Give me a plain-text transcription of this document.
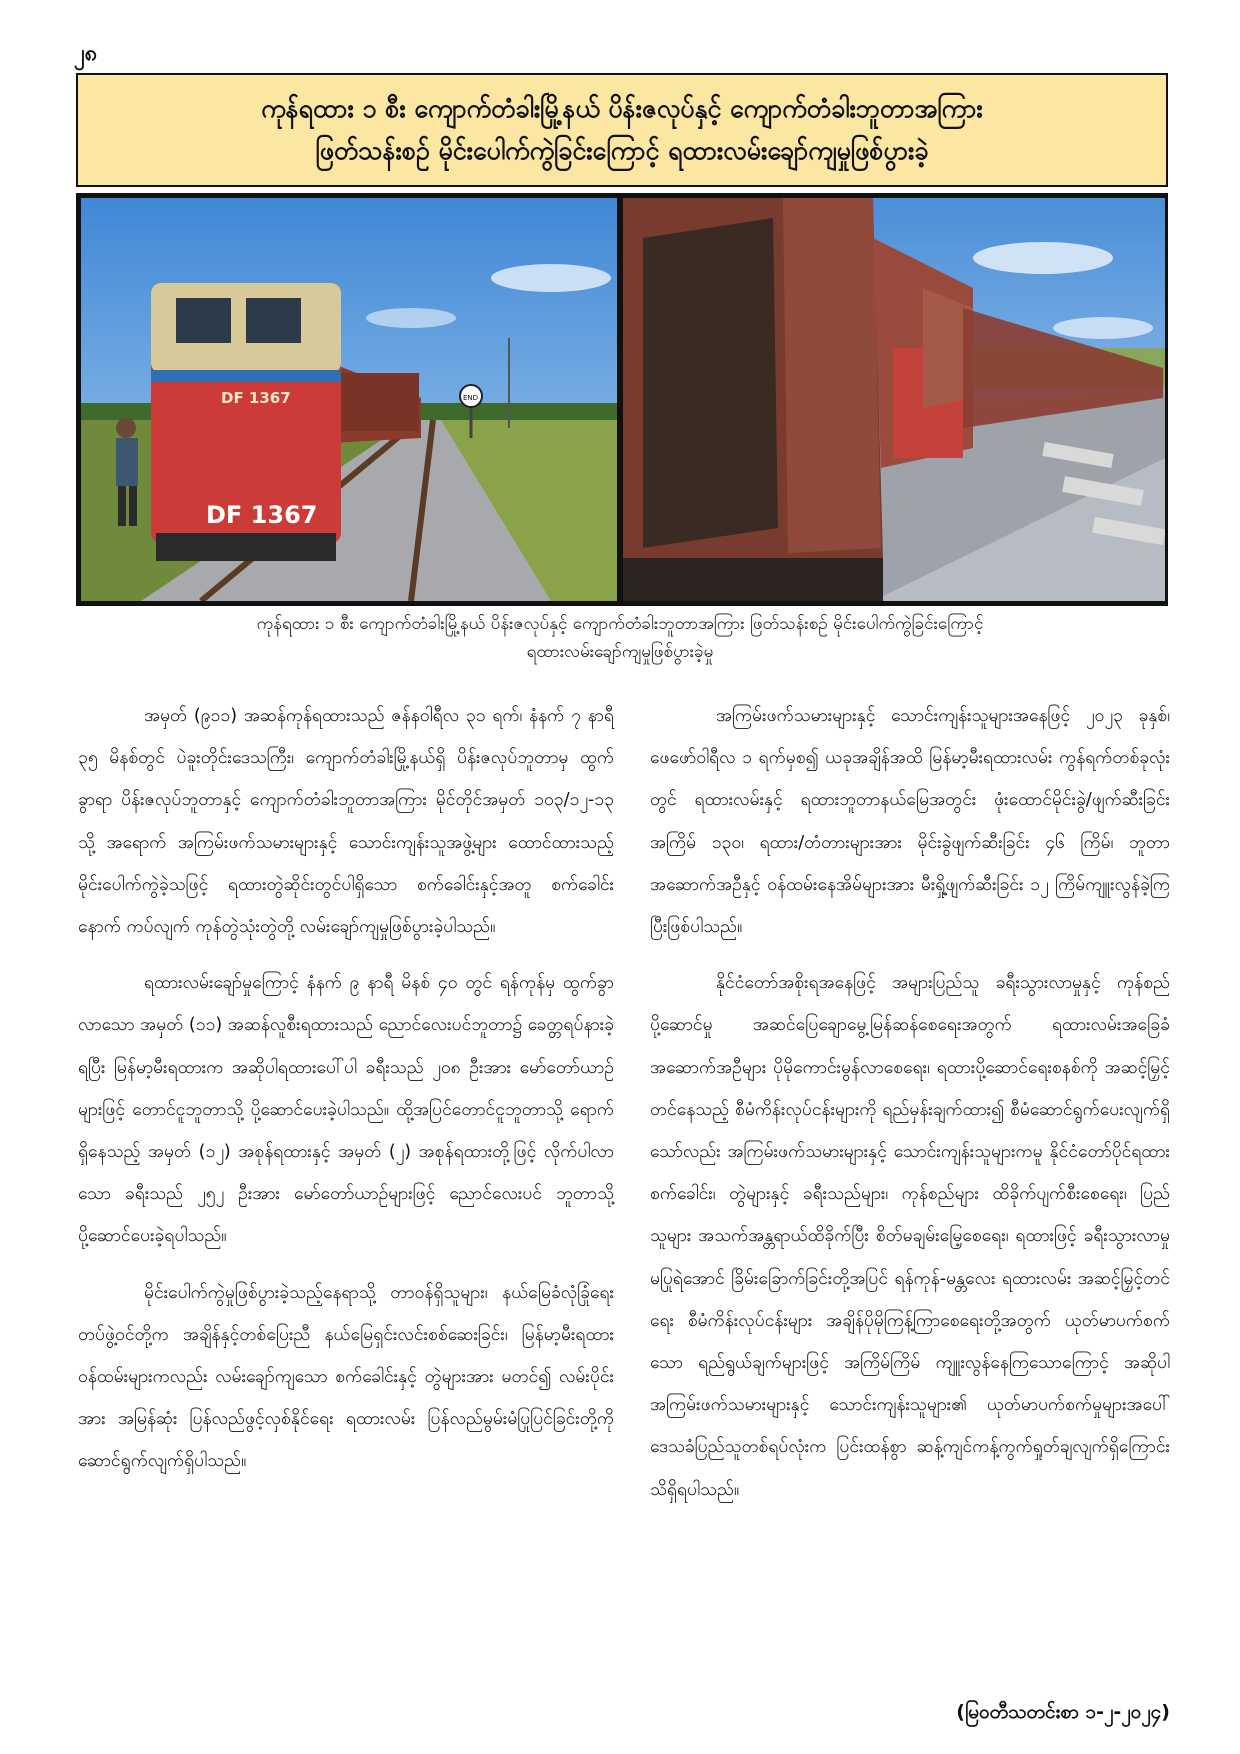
၂၈
ကုန်ရထား ၁ စီး ကျောက်တံခါးမြို့နယ် ပိန်းဇလုပ်နှင့် ကျောက်တံခါးဘူတာအကြား
ဖြတ်သန်းစဉ် မိုင်းပေါက်ကွဲခြင်းကြောင့် ရထားလမ်းချော်ကျမှုဖြစ်ပွားခဲ့
DF 1367
DF 1367
END
ကုန်ရထား ၁ စီး ကျောက်တံခါးမြို့နယ် ပိန်းဇလုပ်နှင့် ကျောက်တံခါးဘူတာအကြား ဖြတ်သန်းစဉ် မိုင်းပေါက်ကွဲခြင်းကြောင့်
ရထားလမ်းချော်ကျမှုဖြစ်ပွားခဲ့မှု

အမှတ် (၉၁၁) အဆန်ကုန်ရထားသည် ဇန်နဝါရီလ ၃၁ ရက်၊ နံနက် ၇ နာရီ ၃၅ မိနစ်တွင် ပဲခူးတိုင်းဒေသကြီး၊ ကျောက်တံခါးမြို့နယ်ရှိ ပိန်းဇလုပ်ဘူတာမှ ထွက်ခွာရာ ပိန်းဇလုပ်ဘူတာနှင့် ကျောက်တံခါးဘူတာအကြား မိုင်တိုင်အမှတ် ၁၀၃/၁၂-၁၃ သို့ အရောက် အကြမ်းဖက်သမားများနှင့် သောင်းကျန်းသူအဖွဲ့များ ထောင်ထားသည့် မိုင်းပေါက်ကွဲခဲ့သဖြင့် ရထားတွဲဆိုင်းတွင်ပါရှိသော စက်ခေါင်းနှင့်အတူ စက်ခေါင်းနောက် ကပ်လျက် ကုန်တွဲသုံးတွဲတို့ လမ်းချော်ကျမှုဖြစ်ပွားခဲ့ပါသည်။

ရထားလမ်းချော်မှုကြောင့် နံနက် ၉ နာရီ မိနစ် ၄၀ တွင် ရန်ကုန်မှ ထွက်ခွာလာသော အမှတ် (၁၁) အဆန်လူစီးရထားသည် ညောင်လေးပင်ဘူတာ၌ ခေတ္တရပ်နားခဲ့ရပြီး မြန်မာ့မီးရထားက အဆိုပါရထားပေါ်ပါ ခရီးသည် ၂၀၈ ဦးအား မော်တော်ယာဉ်များဖြင့် တောင်ငူဘူတာသို့ ပို့ဆောင်ပေးခဲ့ပါသည်။ ထို့အပြင်တောင်ငူဘူတာသို့ ရောက်ရှိနေသည့် အမှတ် (၁၂) အစုန်ရထားနှင့် အမှတ် (၂) အစုန်ရထားတို့ဖြင့် လိုက်ပါလာသော ခရီးသည် ၂၅၂ ဦးအား မော်တော်ယာဉ်များဖြင့် ညောင်လေးပင် ဘူတာသို့ ပို့ဆောင်ပေးခဲ့ရပါသည်။

မိုင်းပေါက်ကွဲမှုဖြစ်ပွားခဲ့သည့်နေရာသို့ တာဝန်ရှိသူများ၊ နယ်မြေခံလုံခြုံရေးတပ်ဖွဲ့ဝင်တို့က အချိန်နှင့်တစ်ပြေးညီ နယ်မြေရှင်းလင်းစစ်ဆေးခြင်း၊ မြန်မာ့မီးရထားဝန်ထမ်းများကလည်း လမ်းချော်ကျသော စက်ခေါင်းနှင့် တွဲများအား မတင်၍ လမ်းပိုင်းအား အမြန်ဆုံး ပြန်လည်ဖွင့်လှစ်နိုင်ရေး ရထားလမ်း ပြန်လည်မွမ်းမံပြုပြင်ခြင်းတို့ကို ဆောင်ရွက်လျက်ရှိပါသည်။

အကြမ်းဖက်သမားများနှင့် သောင်းကျန်းသူများအနေဖြင့် ၂၀၂၃ ခုနှစ်၊ ဖေဖော်ဝါရီလ ၁ ရက်မှစ၍ ယခုအချိန်အထိ မြန်မာ့မီးရထားလမ်း ကွန်ရက်တစ်ခုလုံးတွင် ရထားလမ်းနှင့် ရထားဘူတာနယ်မြေအတွင်း ဖုံးထောင်မိုင်းခွဲ/ဖျက်ဆီးခြင်း အကြိမ် ၁၃၀၊ ရထား/တံတားများအား မိုင်းခွဲဖျက်ဆီးခြင်း ၄၆ ကြိမ်၊ ဘူတာအဆောက်အဦနှင့် ဝန်ထမ်းနေအိမ်များအား မီးရှို့ဖျက်ဆီးခြင်း ၁၂ ကြိမ်ကျူးလွန်ခဲ့ကြပြီးဖြစ်ပါသည်။

နိုင်ငံတော်အစိုးရအနေဖြင့် အများပြည်သူ ခရီးသွားလာမှုနှင့် ကုန်စည်ပို့ဆောင်မှု အဆင်ပြေချောမွေ့မြန်ဆန်စေရေးအတွက် ရထားလမ်းအခြေခံအဆောက်အဦများ ပိုမိုကောင်းမွန်လာစေရေး၊ ရထားပို့ဆောင်ရေးစနစ်ကို အဆင့်မြှင့်တင်နေသည့် စီမံကိန်းလုပ်ငန်းများကို ရည်မှန်းချက်ထား၍ စီမံဆောင်ရွက်ပေးလျက်ရှိသော်လည်း အကြမ်းဖက်သမားများနှင့် သောင်းကျန်းသူများကမူ နိုင်ငံတော်ပိုင်ရထားစက်ခေါင်း၊ တွဲများနှင့် ခရီးသည်များ၊ ကုန်စည်များ ထိခိုက်ပျက်စီးစေရေး၊ ပြည်သူများ အသက်အန္တရာယ်ထိခိုက်ပြီး စိတ်မချမ်းမြေ့စေရေး၊ ရထားဖြင့် ခရီးသွားလာမှုမပြုရဲအောင် ခြိမ်းခြောက်ခြင်းတို့အပြင် ရန်ကုန်-မန္တလေး ရထားလမ်း အဆင့်မြှင့်တင်ရေး စီမံကိန်းလုပ်ငန်းများ အချိန်ပိုမိုကြန့်ကြာစေရေးတို့အတွက် ယုတ်မာပက်စက်သော ရည်ရွယ်ချက်များဖြင့် အကြိမ်ကြိမ် ကျူးလွန်နေကြသောကြောင့် အဆိုပါအကြမ်းဖက်သမားများနှင့် သောင်းကျန်းသူများ၏ ယုတ်မာပက်စက်မှုများအပေါ် ဒေသခံပြည်သူတစ်ရပ်လုံးက ပြင်းထန်စွာ ဆန့်ကျင်ကန့်ကွက်ရှုတ်ချလျက်ရှိကြောင်း သိရှိရပါသည်။

(မြဝတီသတင်းစာ ၁-၂-၂၀၂၄)
